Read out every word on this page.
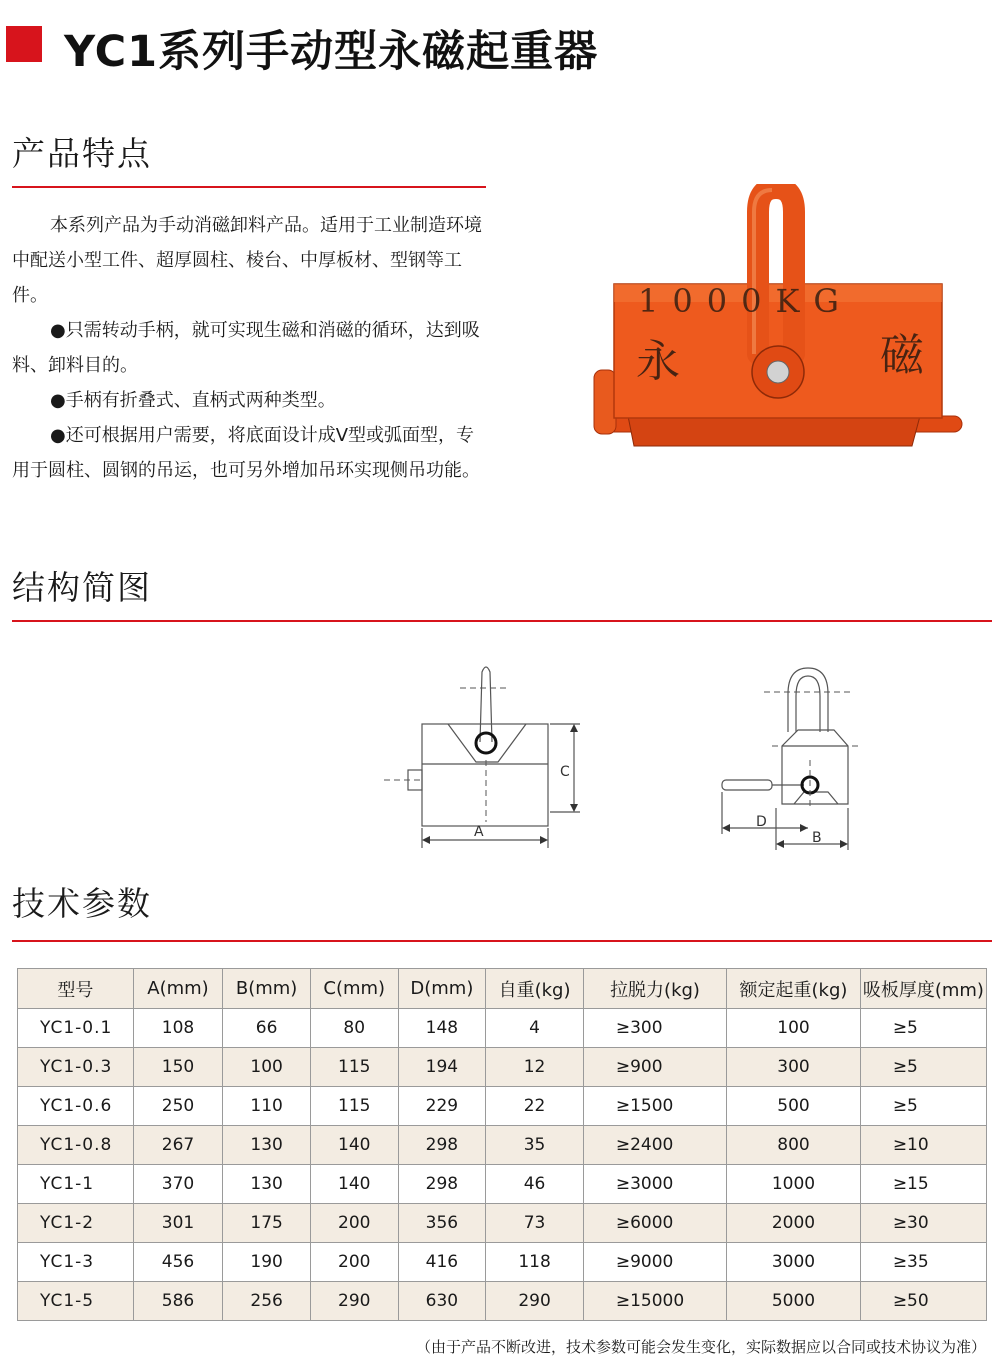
YC1系列手动型永磁起重器
产品特点

本系列产品为手动消磁卸料产品。适用于工业制造环境中配送小型工件、超厚圆柱、棱台、中厚板材、型钢等工件。

●只需转动手柄，就可实现生磁和消磁的循环，达到吸料、卸料目的。

●手柄有折叠式、直柄式两种类型。

●还可根据用户需要，将底面设计成V型或弧面型，专用于圆柱、圆钢的吊运，也可另外增加吊环实现侧吊功能。

1000KG
永	磁
结构简图
C
A
D
B
技术参数
型号	A(mm)	B(mm)	C(mm)	D(mm)	自重(kg)	拉脱力(kg)	额定起重(kg)	吸板厚度(mm)
YC1-0.1	108	66	80	148	4	≥300	100	≥5
YC1-0.3	150	100	115	194	12	≥900	300	≥5
YC1-0.6	250	110	115	229	22	≥1500	500	≥5
YC1-0.8	267	130	140	298	35	≥2400	800	≥10
YC1-1	370	130	140	298	46	≥3000	1000	≥15
YC1-2	301	175	200	356	73	≥6000	2000	≥30
YC1-3	456	190	200	416	118	≥9000	3000	≥35
YC1-5	586	256	290	630	290	≥15000	5000	≥50
（由于产品不断改进，技术参数可能会发生变化，实际数据应以合同或技术协议为准）
